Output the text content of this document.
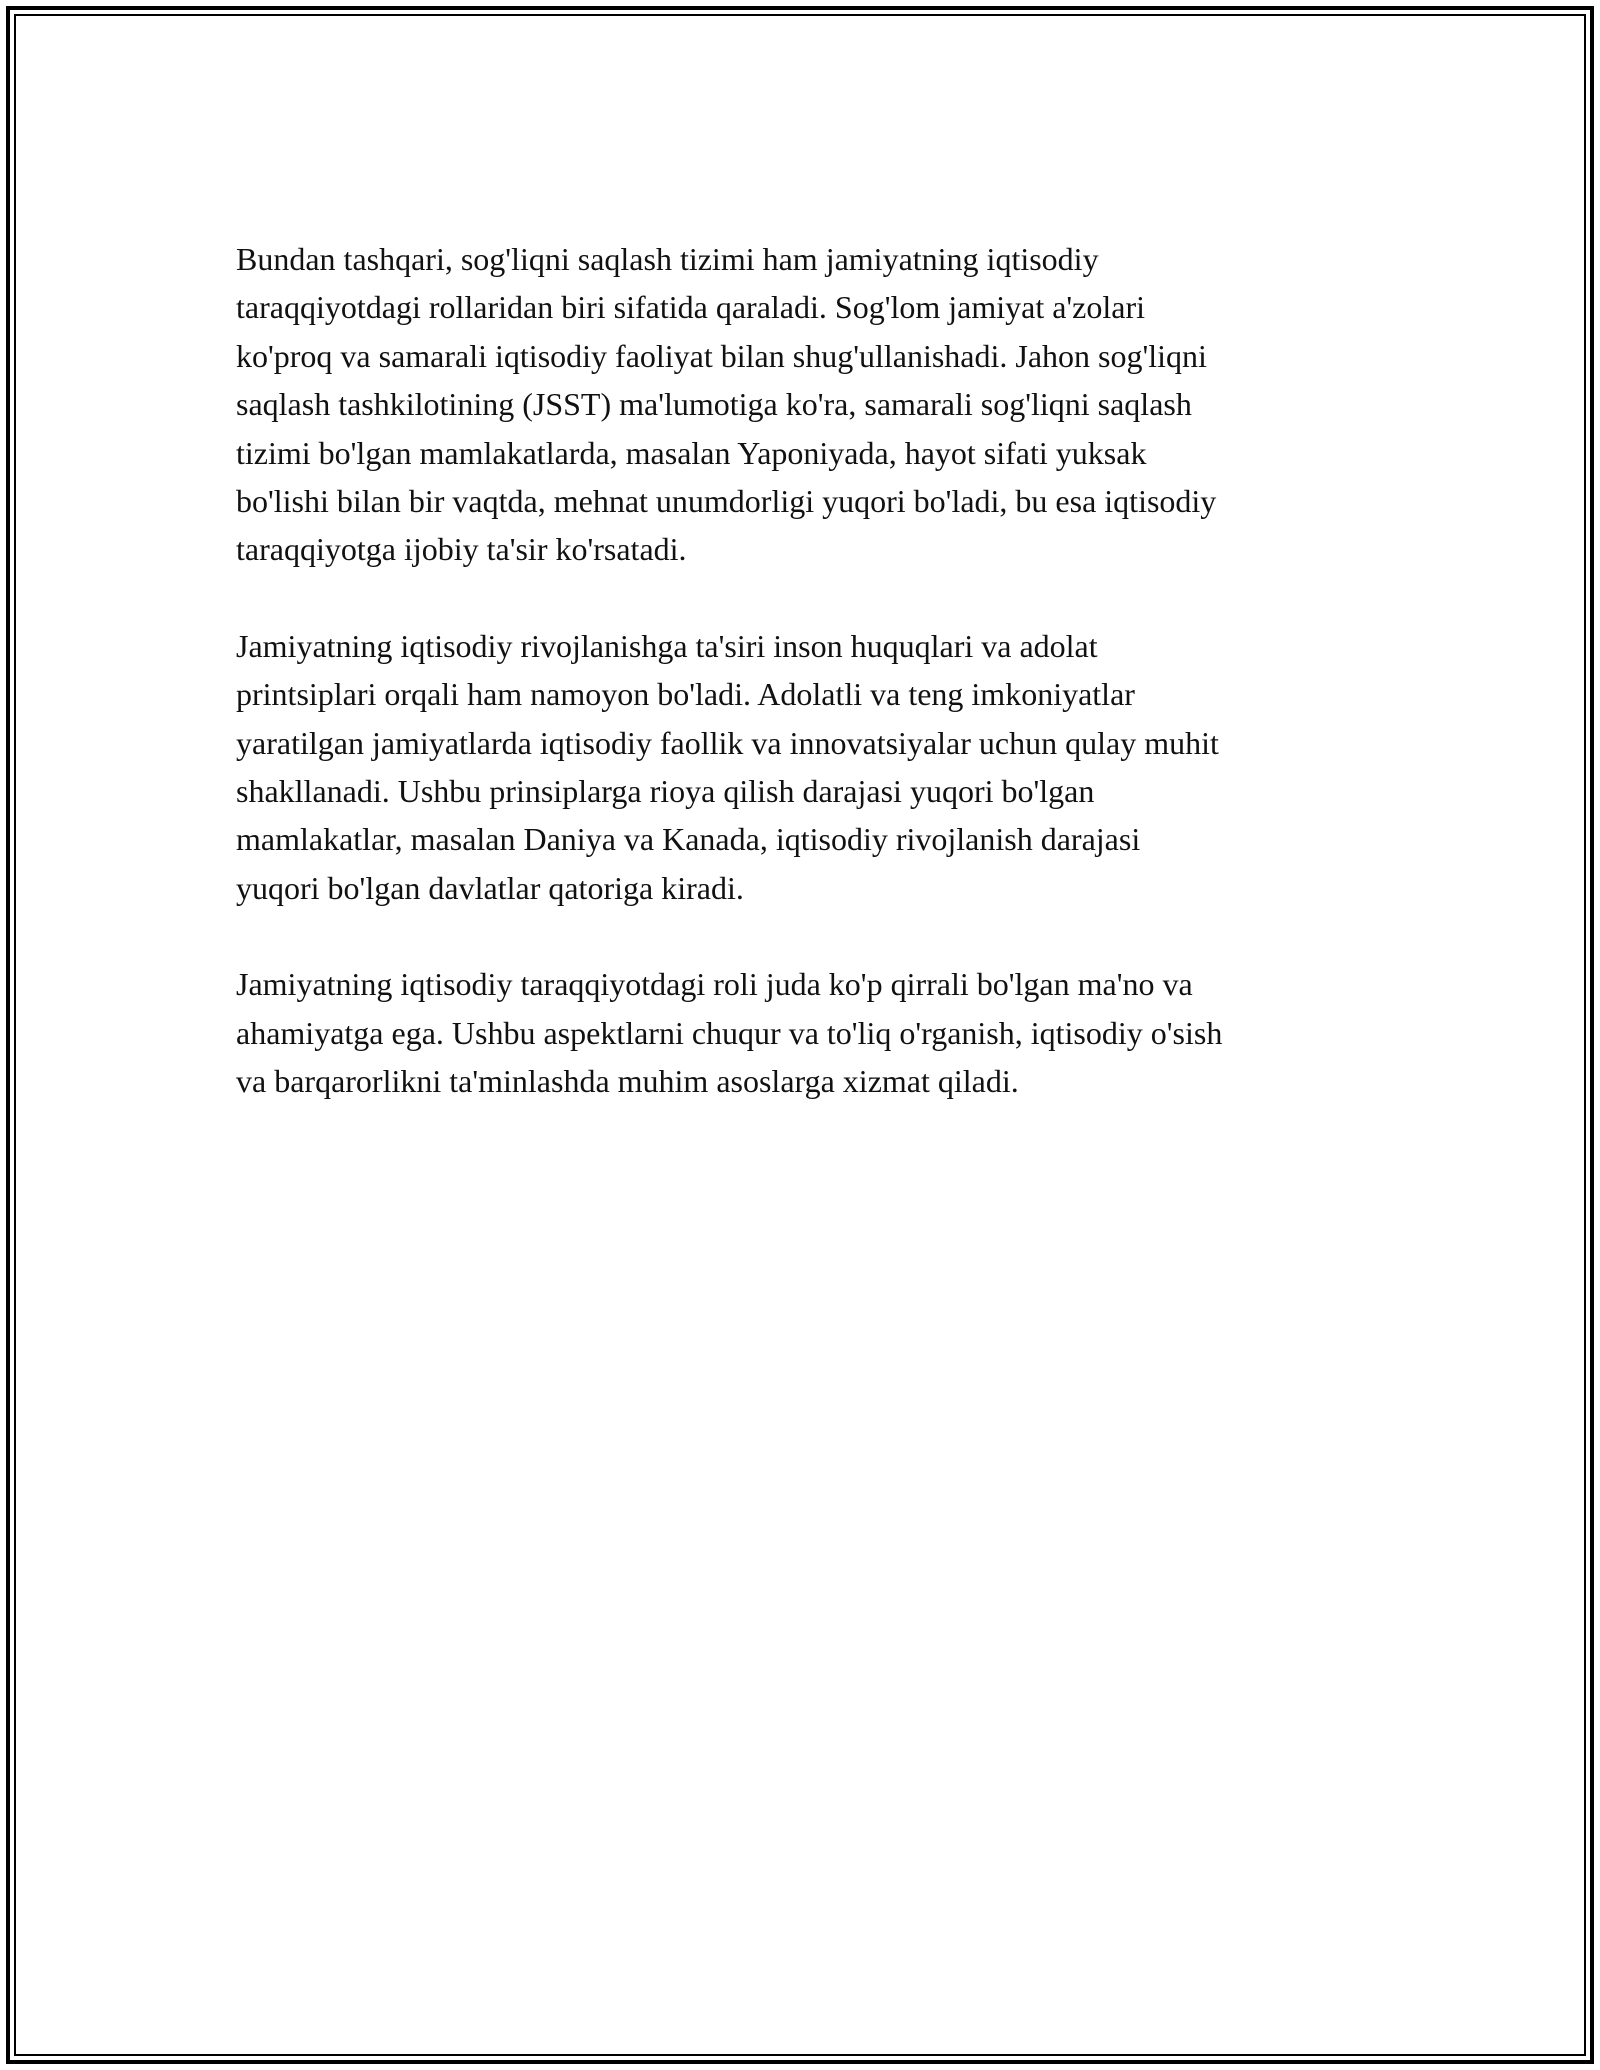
Bundan tashqari, sog'liqni saqlash tizimi ham jamiyatning iqtisodiy
taraqqiyotdagi rollaridan biri sifatida qaraladi. Sog'lom jamiyat a'zolari
ko'proq va samarali iqtisodiy faoliyat bilan shug'ullanishadi. Jahon sog'liqni
saqlash tashkilotining (JSST) ma'lumotiga ko'ra, samarali sog'liqni saqlash
tizimi bo'lgan mamlakatlarda, masalan Yaponiyada, hayot sifati yuksak
bo'lishi bilan bir vaqtda, mehnat unumdorligi yuqori bo'ladi, bu esa iqtisodiy
taraqqiyotga ijobiy ta'sir ko'rsatadi.

Jamiyatning iqtisodiy rivojlanishga ta'siri inson huquqlari va adolat
printsiplari orqali ham namoyon bo'ladi. Adolatli va teng imkoniyatlar
yaratilgan jamiyatlarda iqtisodiy faollik va innovatsiyalar uchun qulay muhit
shakllanadi. Ushbu prinsiplarga rioya qilish darajasi yuqori bo'lgan
mamlakatlar, masalan Daniya va Kanada, iqtisodiy rivojlanish darajasi
yuqori bo'lgan davlatlar qatoriga kiradi.

Jamiyatning iqtisodiy taraqqiyotdagi roli juda ko'p qirrali bo'lgan ma'no va
ahamiyatga ega. Ushbu aspektlarni chuqur va to'liq o'rganish, iqtisodiy o'sish
va barqarorlikni ta'minlashda muhim asoslarga xizmat qiladi.
